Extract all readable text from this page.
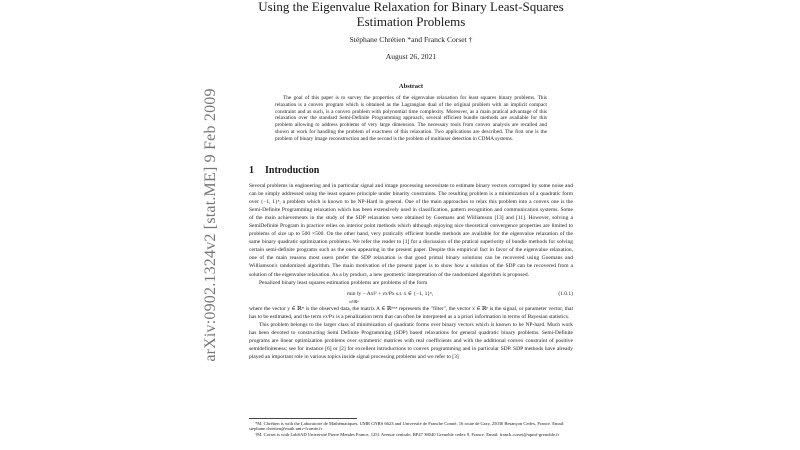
arXiv:0902.1324v2 [stat.ME] 9 Feb 2009
Using the Eigenvalue Relaxation for Binary Least-Squares
Estimation Problems
Stéphane Chrétien *and Franck Corset †
August 26, 2021
Abstract
The goal of this paper is to survey the properties of the eigenvalue relaxation for least squares binary problems. This relaxation is a convex program which is obtained as the Lagrangian dual of the original problem with an implicit compact constraint and as such, is a convex problem with polynomial time complexity. Moreover, as a main pratical advantage of this relaxation over the standard Semi-Definite Programming approach, several efficient bundle methods are available for this problem allowing to address problems of very large dimension. The necessary tools from convex analysis are recalled and shown at work for handling the problem of exactness of this relaxation. Two applications are described. The first one is the problem of binary image reconstruction and the second is the problem of multiuser detection in CDMA systems.
1 Introduction

Several problems in engineering and in particular signal and image processing necessitate to estimate binary vectors corrupted by some noise and can be simply addressed using the least squares principle under binarity constraints. The resulting problem is a minimization of a quadratic form over {−1, 1}ⁿ, a problem which is known to be NP-Hard in general. One of the main approaches to relax this problem into a convex one is the Semi-Definite Programming relaxation which has been extensively used in classification, pattern recognition and communication systems. Some of the main achievements in the study of the SDP relaxation were obtained by Goemans and Williamson [13] and [11]. However, solving a SemiDefinite Program in practice relies on interior point methods which although enjoying nice theoretical convergence properties are limited to problems of size up to 500 ×500. On the other hand, very pratically efficient bundle methods are available for the eigenvalue relaxation of the same binary quadratic optimization problems. We refer the reader to [1] for a discussion of the pratical superiority of bundle methods for solving certain semi-definite programs such as the ones appearing in the present paper. Despite this empirical fact in favor of the eigenvalue relaxation, one of the main reasons most users prefer the SDP relaxation is that good primal binary solutions can be recovered using Goemans and Williamson's randomized algorithm. The main motivation of the present paper is to show how a solution of the SDP can be recovered from a solution of the eigenvalue relaxation. As a by product, a new geometric interpretation of the randomized algorithm is proposed.

Penalized binary least squares estimation problems are problems of the form

min ‖y − Ax‖² + νxᵗPx s.t. x ∈ {−1, 1}ⁿ,
x∈ℝⁿ
(1.0.1)

where the vector y ∈ ℝᵐ is the observed data, the matrix A ∈ ℝᵐˣⁿ represents the "filter", the vector x ∈ ℝⁿ is the signal, or parameter vector, that has to be estimated, and the term νxᵗPx is a penalization term that can often be interpreted as a a priori information in terms of Bayesian statistics.

This problem belongs to the larger class of minimization of quadratic forms over binary vectors which is known to be NP-hard. Much work has been devoted to constructing Semi Definite Programming (SDP) based relaxations for general quadratic binary problems. Semi-Definite programs are linear optimization problems over symmetric matrices with real coefficients and with the additional convex constraint of positive semidefiniteness; see for instance [6] or [2] for excellent introductions to convex programming and in particular SDP. SDP methods have already played an important role in various topics inside signal processing problems and we refer to [3]

*M. Chrétien is with the Laboratoire de Mathématiques, UMR CNRS 6623 and Université de Franche Comté, 16 route de Gray, 25030 Besançon Cedex, France. Email: stephane.chretien@math.univ-fcomte.fr
†M. Corset is with LabSAD Université Pierre Mendes France, 1251 Avenue centrale, BP47 38040 Grenoble cedex 9, France. Email: franck.corset@upmf-grenoble.fr
